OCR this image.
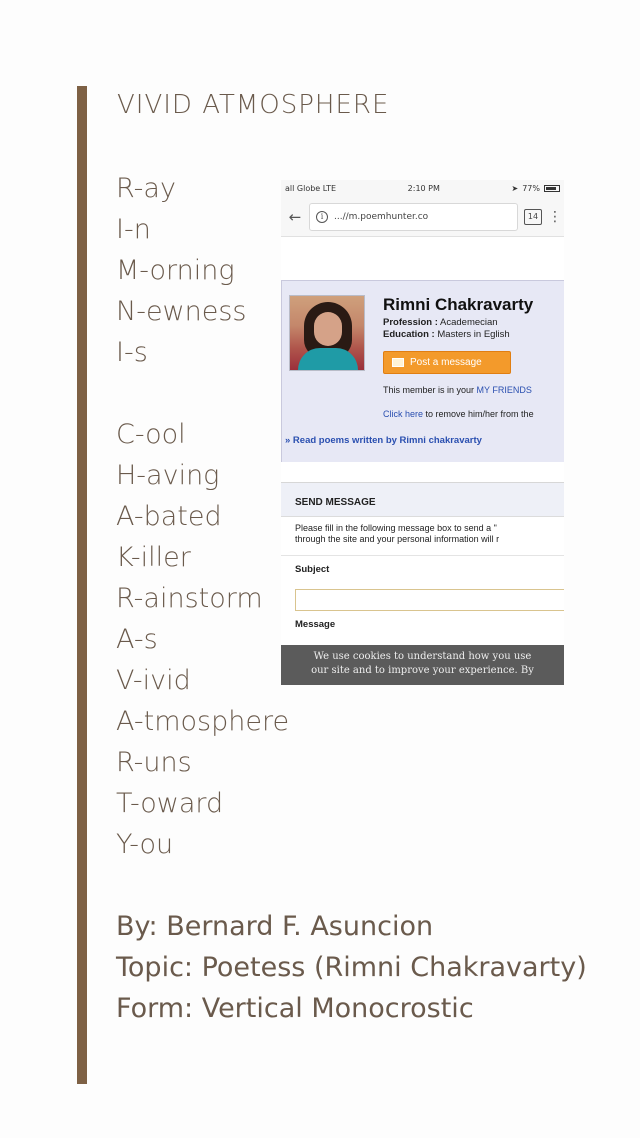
VIVID ATMOSPHERE
R-ay
I-n
M-orning
N-ewness
I-s
C-ool
H-aving
A-bated
K-iller
R-ainstorm
A-s
V-ivid
A-tmosphere
R-uns
T-oward
Y-ou
By: Bernard F. Asuncion
Topic: Poetess (Rimni Chakravarty)
Form: Vertical Monocrostic
all Globe LTE	2:10 PM	➤ 77%
←	i	...//m.poemhunter.co	14 ⋮
Rimni Chakravarty
Profession : Academecian
Education : Masters in Eglish
Post a message
This member is in your MY FRIENDS
Click here to remove him/her from the
» Read poems written by Rimni chakravarty
SEND MESSAGE
Please fill in the following message box to send a "
through the site and your personal information will r
Subject
Message
We use cookies to understand how you use
our site and to improve your experience. By
